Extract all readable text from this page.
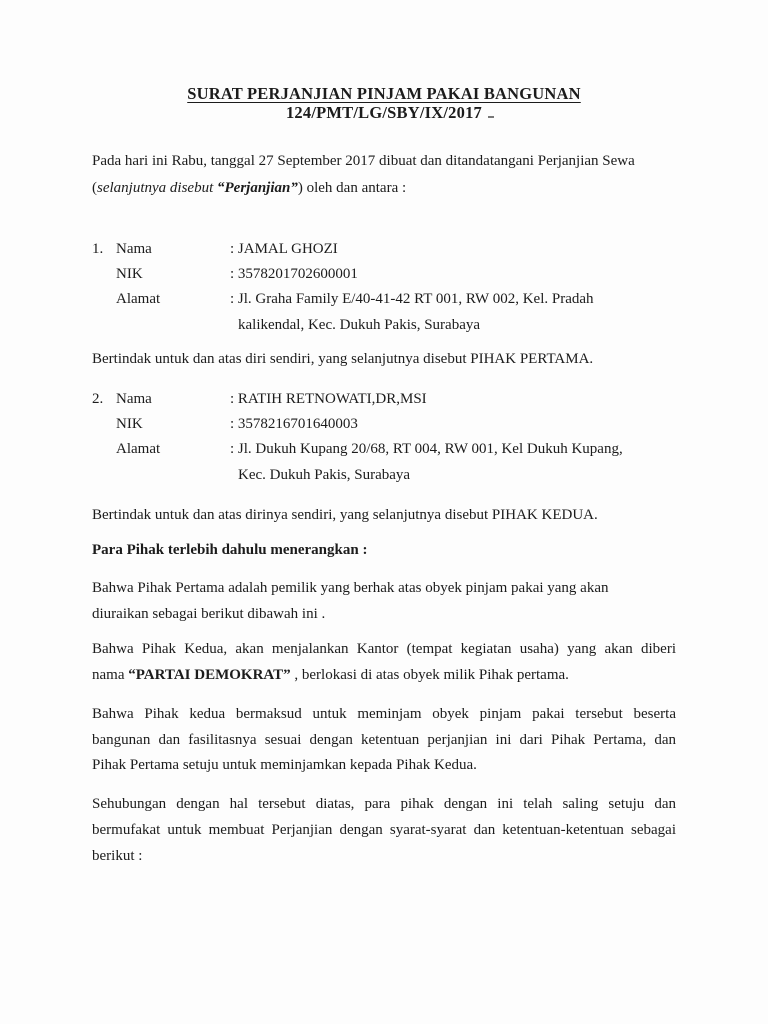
SURAT PERJANJIAN PINJAM PAKAI BANGUNAN
124/PMT/LG/SBY/IX/2017
Pada hari ini Rabu, tanggal 27 September 2017 dibuat dan ditandatangani Perjanjian Sewa
(selanjutnya disebut “Perjanjian”) oleh dan antara :
1. Nama	: JAMAL GHOZI
NIK	: 3578201702600001
Alamat	: Jl. Graha Family E/40-41-42 RT 001, RW 002, Kel. Pradah
kalikendal, Kec. Dukuh Pakis, Surabaya
Bertindak untuk dan atas diri sendiri, yang selanjutnya disebut PIHAK PERTAMA.
2. Nama	: RATIH RETNOWATI,DR,MSI
NIK	: 3578216701640003
Alamat	: Jl. Dukuh Kupang 20/68, RT 004, RW 001, Kel Dukuh Kupang,
Kec. Dukuh Pakis, Surabaya
Bertindak untuk dan atas dirinya sendiri, yang selanjutnya disebut PIHAK KEDUA.
Para Pihak terlebih dahulu menerangkan :
Bahwa Pihak Pertama adalah pemilik yang berhak atas obyek pinjam pakai yang akan
diuraikan sebagai berikut dibawah ini .
Bahwa Pihak Kedua, akan menjalankan Kantor (tempat kegiatan usaha) yang akan diberi
nama “PARTAI DEMOKRAT” , berlokasi di atas obyek milik Pihak pertama.
Bahwa Pihak kedua bermaksud untuk meminjam obyek pinjam pakai tersebut beserta
bangunan dan fasilitasnya sesuai dengan ketentuan perjanjian ini dari Pihak Pertama, dan
Pihak Pertama setuju untuk meminjamkan kepada Pihak Kedua.
Sehubungan dengan hal tersebut diatas, para pihak dengan ini telah saling setuju dan
bermufakat untuk membuat Perjanjian dengan syarat-syarat dan ketentuan-ketentuan sebagai
berikut :
